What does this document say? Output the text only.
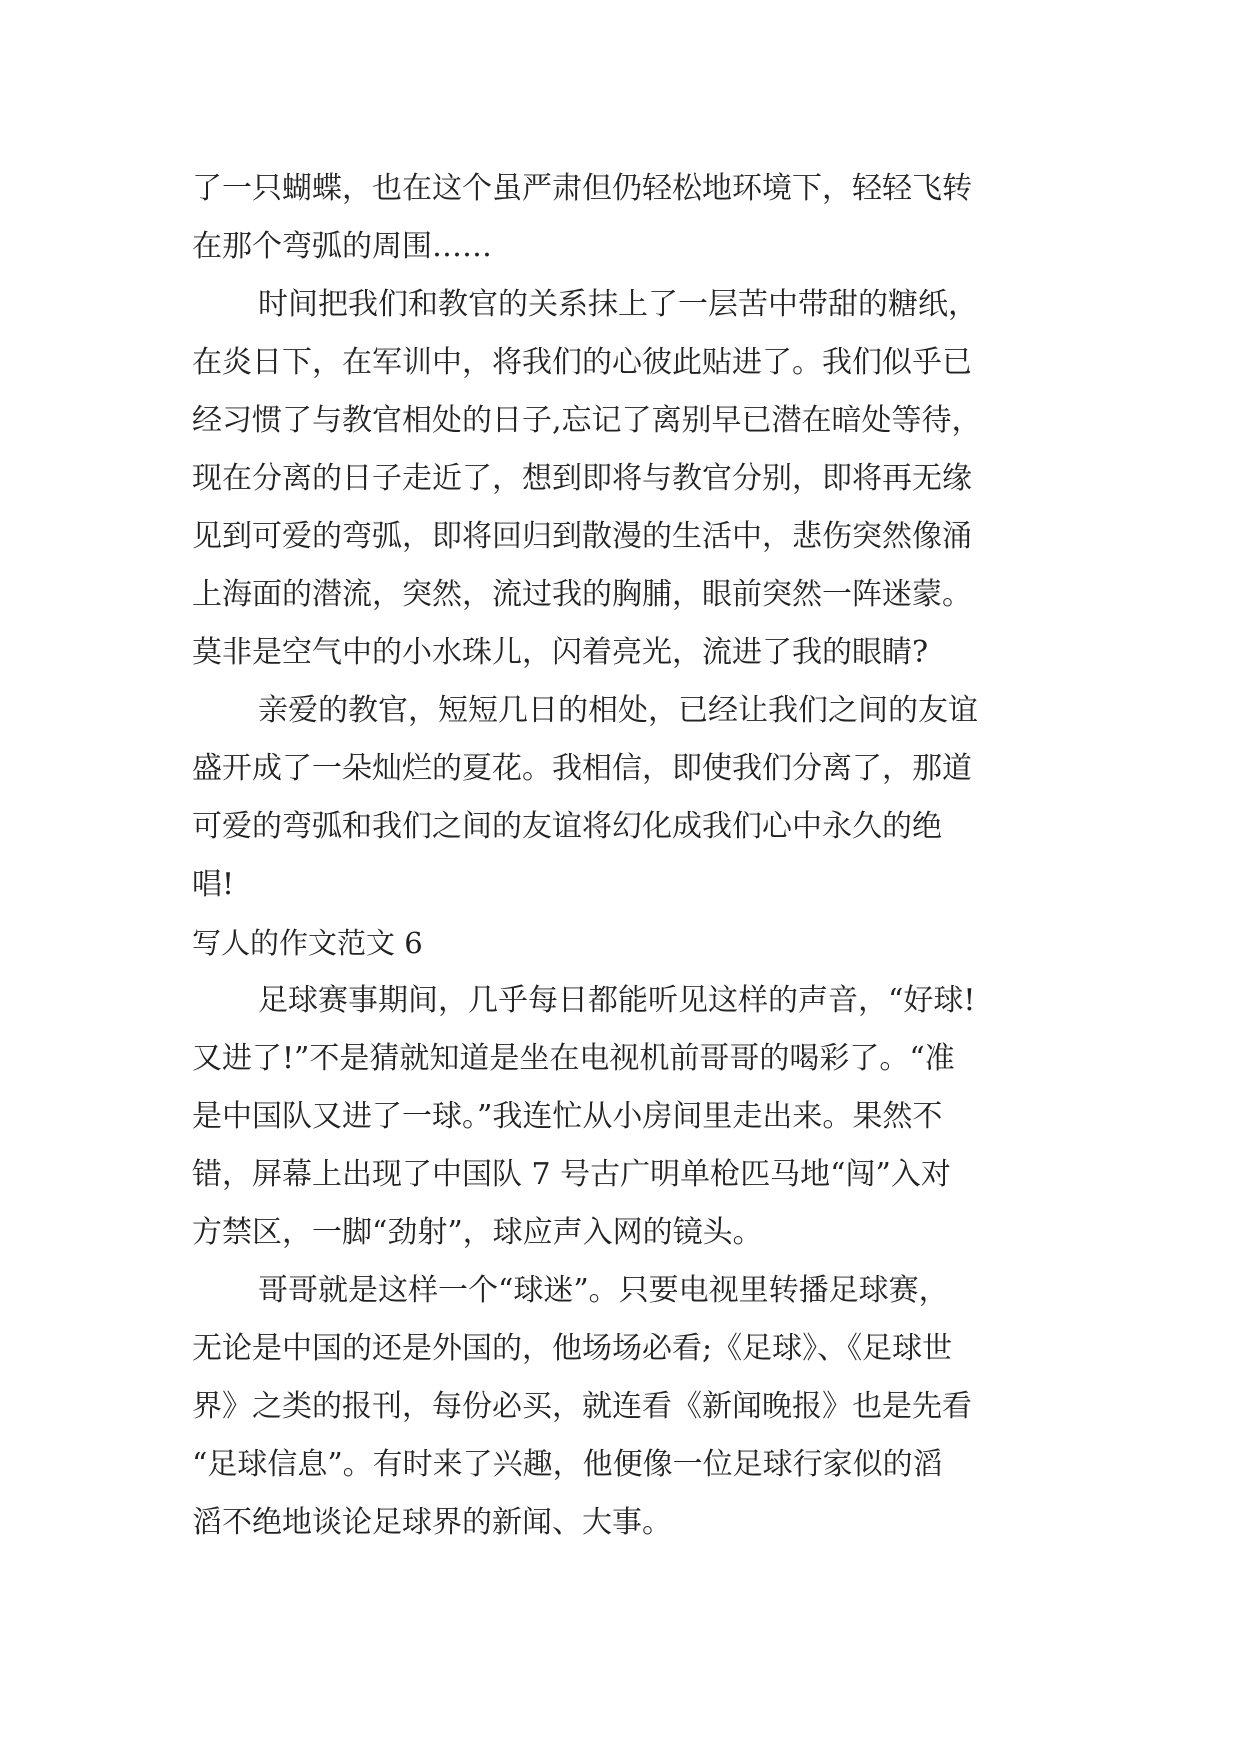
了一只蝴蝶，也在这个虽严肃但仍轻松地环境下，轻轻飞转
在那个弯弧的周围……
时间把我们和教官的关系抹上了一层苦中带甜的糖纸，
在炎日下，在军训中，将我们的心彼此贴进了。我们似乎已
经习惯了与教官相处的日子,忘记了离别早已潜在暗处等待，
现在分离的日子走近了，想到即将与教官分别，即将再无缘
见到可爱的弯弧，即将回归到散漫的生活中，悲伤突然像涌
上海面的潜流，突然，流过我的胸脯，眼前突然一阵迷蒙。
莫非是空气中的小水珠儿，闪着亮光，流进了我的眼睛?
亲爱的教官，短短几日的相处，已经让我们之间的友谊
盛开成了一朵灿烂的夏花。我相信，即使我们分离了，那道
可爱的弯弧和我们之间的友谊将幻化成我们心中永久的绝
唱!
写人的作文范文 6
足球赛事期间，几乎每日都能听见这样的声音，“好球!
又进了!”不是猜就知道是坐在电视机前哥哥的喝彩了。“准
是中国队又进了一球。”我连忙从小房间里走出来。果然不
错，屏幕上出现了中国队 7 号古广明单枪匹马地“闯”入对
方禁区，一脚“劲射”，球应声入网的镜头。
哥哥就是这样一个“球迷”。只要电视里转播足球赛，
无论是中国的还是外国的，他场场必看;《足球》、《足球世
界》之类的报刊，每份必买，就连看《新闻晚报》也是先看
“足球信息”。有时来了兴趣，他便像一位足球行家似的滔
滔不绝地谈论足球界的新闻、大事。
